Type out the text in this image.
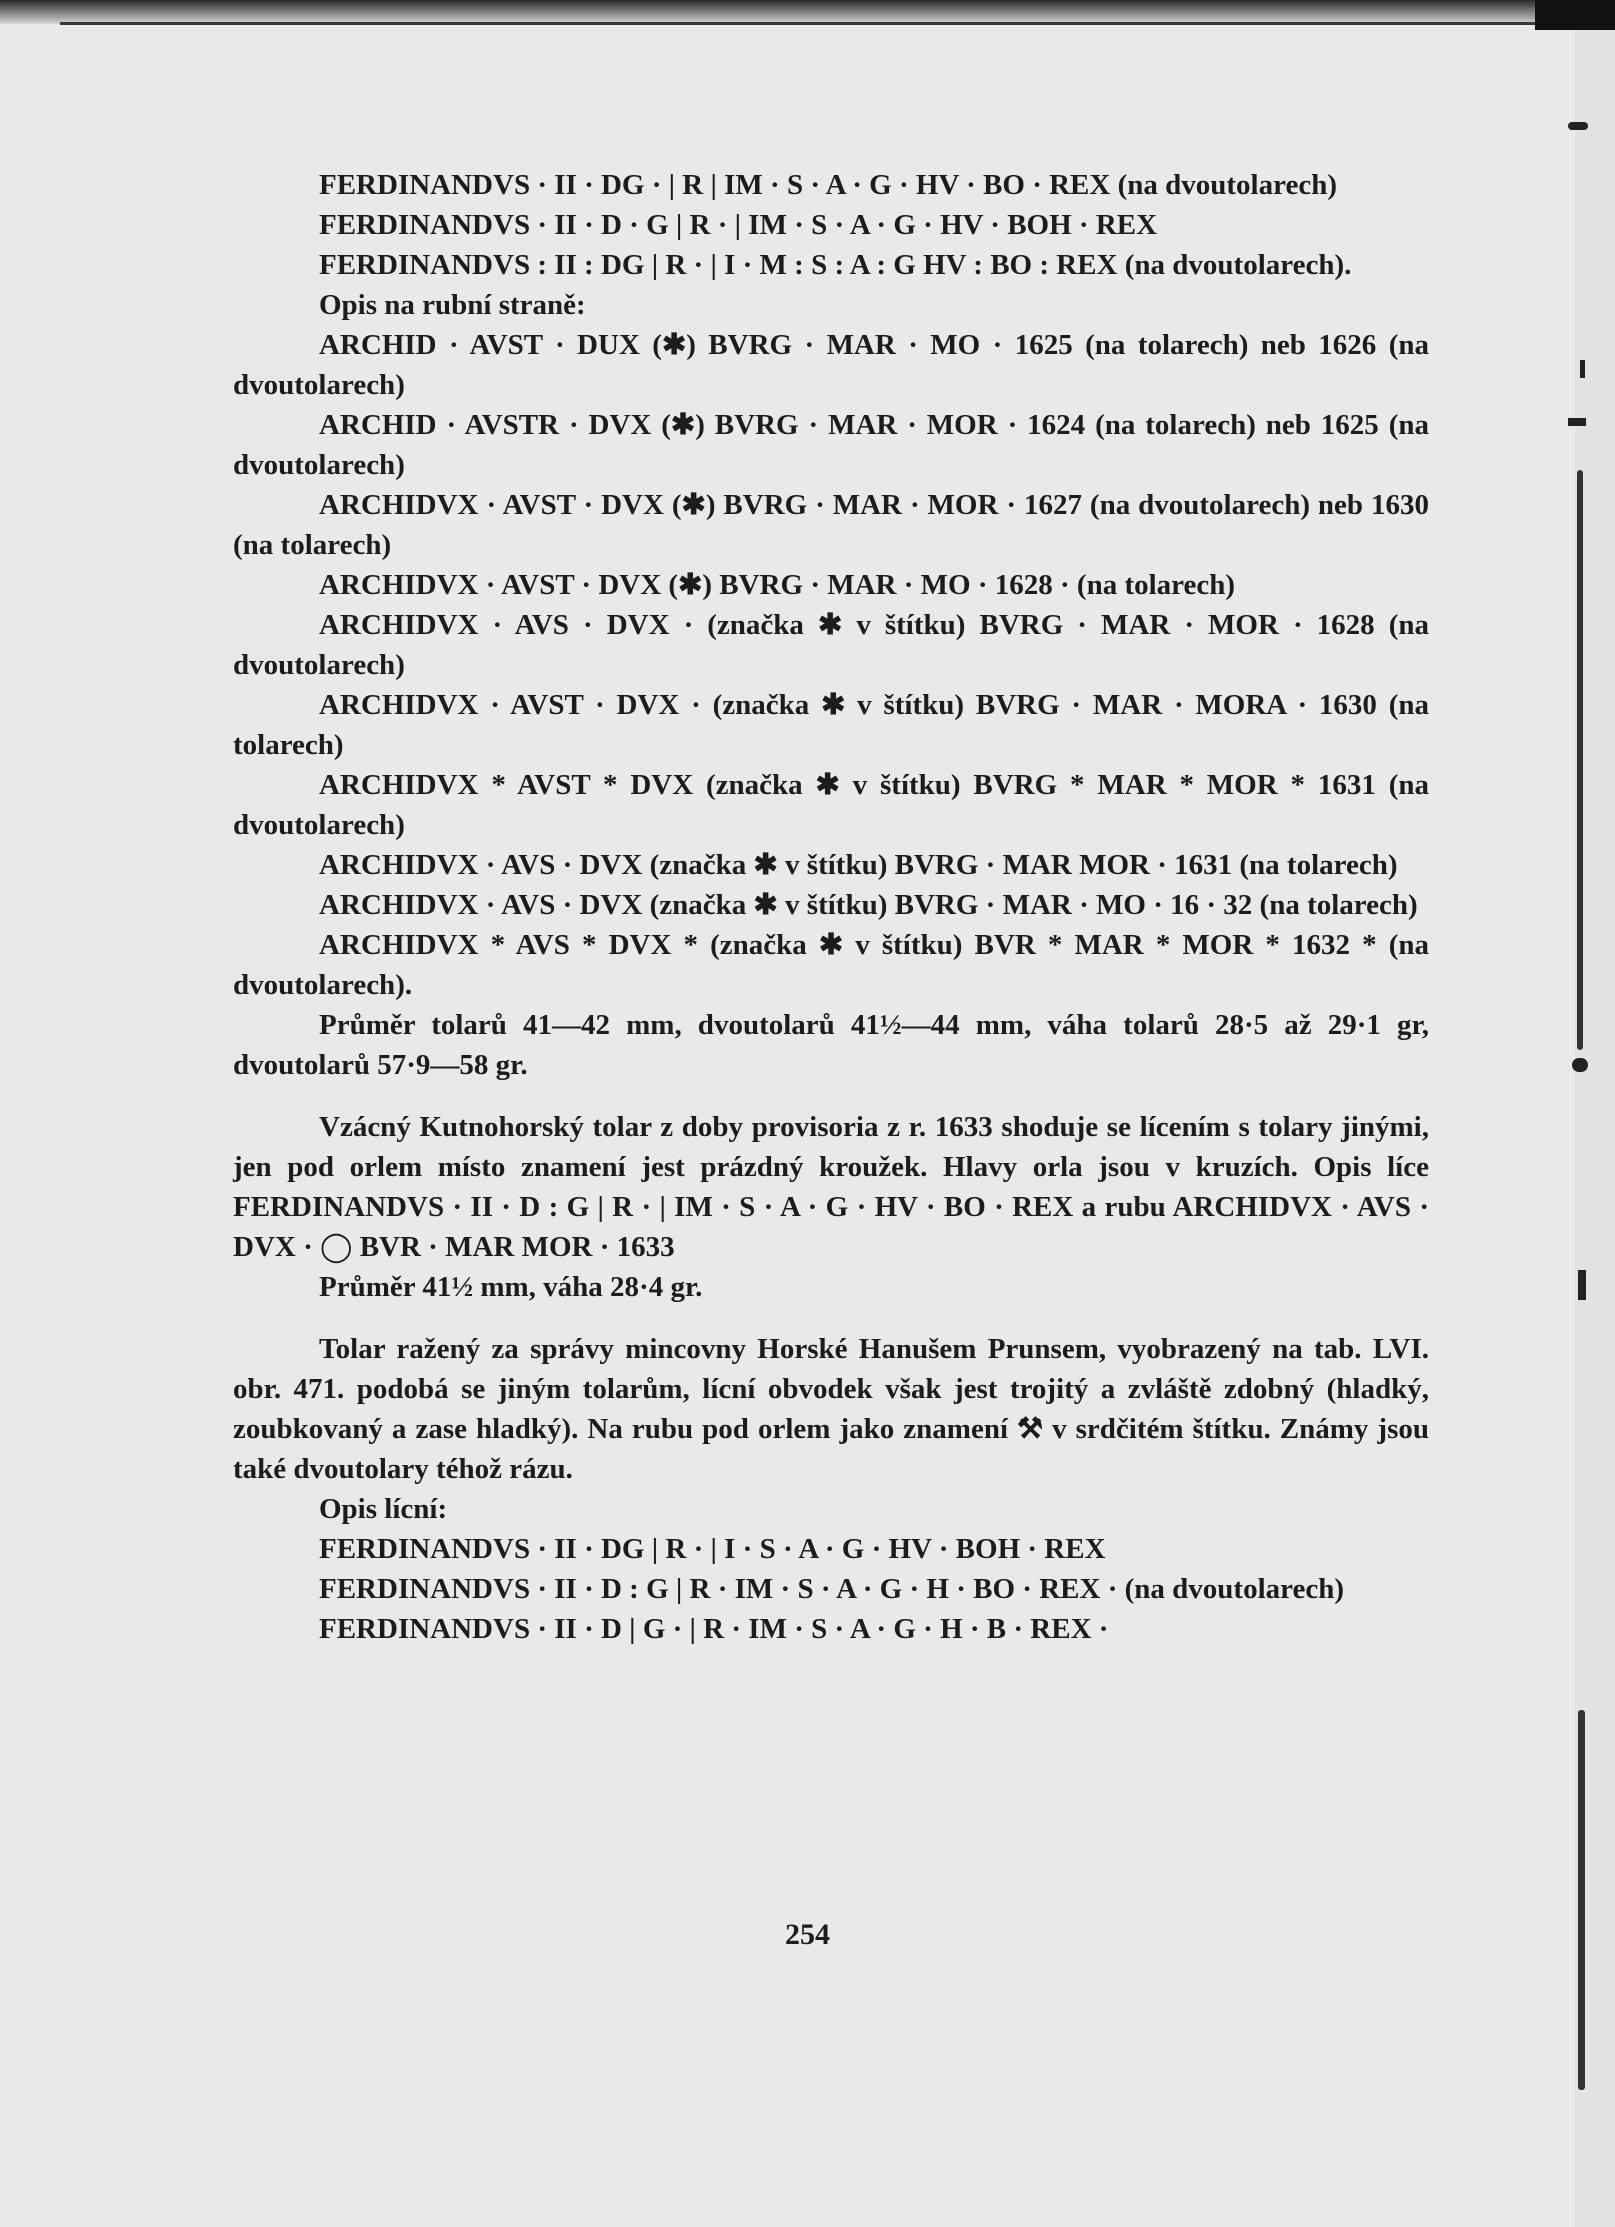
FERDINANDVS · II · DG · | R | IM · S · A · G · HV · BO · REX (na dvoutolarech)

FERDINANDVS · II · D · G | R · | IM · S · A · G · HV · BOH · REX

FERDINANDVS : II : DG | R · | I · M : S : A : G HV : BO : REX (na dvoutolarech).

Opis na rubní straně:

ARCHID · AVST · DUX (✱) BVRG · MAR · MO · 1625 (na tolarech) neb 1626 (na dvoutolarech)

ARCHID · AVSTR · DVX (✱) BVRG · MAR · MOR · 1624 (na tolarech) neb 1625 (na dvoutolarech)

ARCHIDVX · AVST · DVX (✱) BVRG · MAR · MOR · 1627 (na dvoutolarech) neb 1630 (na tolarech)

ARCHIDVX · AVST · DVX (✱) BVRG · MAR · MO · 1628 · (na tolarech)

ARCHIDVX · AVS · DVX · (značka ✱ v štítku) BVRG · MAR · MOR · 1628 (na dvoutolarech)

ARCHIDVX · AVST · DVX · (značka ✱ v štítku) BVRG · MAR · MORA · 1630 (na tolarech)

ARCHIDVX * AVST * DVX (značka ✱ v štítku) BVRG * MAR * MOR * 1631 (na dvoutolarech)

ARCHIDVX · AVS · DVX (značka ✱ v štítku) BVRG · MAR MOR · 1631 (na tolarech)

ARCHIDVX · AVS · DVX (značka ✱ v štítku) BVRG · MAR · MO · 16 · 32 (na tolarech)

ARCHIDVX * AVS * DVX * (značka ✱ v štítku) BVR * MAR * MOR * 1632 * (na dvoutolarech).

Průměr tolarů 41—42 mm, dvoutolarů 41½—44 mm, váha tolarů 28·5 až 29·1 gr, dvoutolarů 57·9—58 gr.

Vzácný Kutnohorský tolar z doby provisoria z r. 1633 shoduje se lícením s tolary jinými, jen pod orlem místo znamení jest prázdný kroužek. Hlavy orla jsou v kruzích. Opis líce FERDINANDVS · II · D : G | R · | IM · S · A · G · HV · BO · REX a rubu ARCHIDVX · AVS · DVX · ◯ BVR · MAR MOR · 1633

Průměr 41½ mm, váha 28·4 gr.

Tolar ražený za správy mincovny Horské Hanušem Prunsem, vyobrazený na tab. LVI. obr. 471. podobá se jiným tolarům, lícní obvodek však jest trojitý a zvláště zdobný (hladký, zoubkovaný a zase hladký). Na rubu pod orlem jako znamení ⚒ v srdčitém štítku. Známy jsou také dvoutolary téhož rázu.

Opis lícní:

FERDINANDVS · II · DG | R · | I · S · A · G · HV · BOH · REX

FERDINANDVS · II · D : G | R · IM · S · A · G · H · BO · REX · (na dvoutolarech)

FERDINANDVS · II · D | G · | R · IM · S · A · G · H · B · REX ·

254
